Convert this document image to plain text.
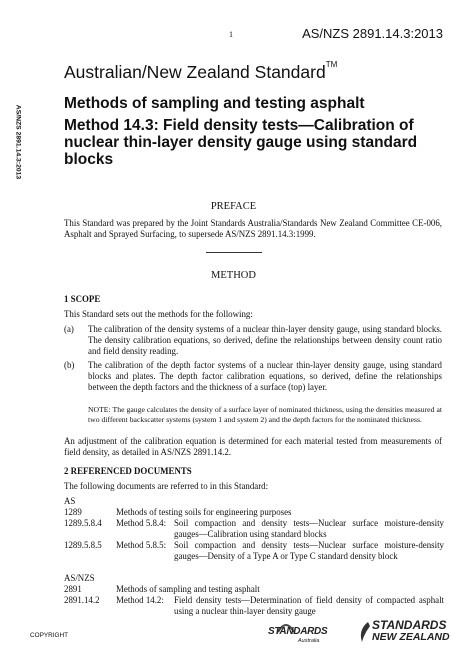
1	AS/NZS 2891.14.3:2013
Australian/New Zealand Standard™
AS/NZS 2891.14.3:2013
Methods of sampling and testing asphalt
Method 14.3: Field density tests—Calibration of nuclear thin-layer density gauge using standard blocks
PREFACE
This Standard was prepared by the Joint Standards Australia/Standards New Zealand Committee CE-006, Asphalt and Sprayed Surfacing, to supersede AS/NZS 2891.14.3:1999.
METHOD
1 SCOPE
This Standard sets out the methods for the following:
(a) The calibration of the density systems of a nuclear thin-layer density gauge, using standard blocks. The density calibration equations, so derived, define the relationships between density count ratio and field density reading.
(b) The calibration of the depth factor systems of a nuclear thin-layer density gauge, using standard blocks and plates. The depth factor calibration equations, so derived, define the relationships between the depth factors and the thickness of a surface (top) layer.
NOTE: The gauge calculates the density of a surface layer of nominated thickness, using the densities measured at two different backscatter systems (system 1 and system 2) and the depth factors for the nominated thickness.
An adjustment of the calibration equation is determined for each material tested from measurements of field density, as detailed in AS/NZS 2891.14.2.
2 REFERENCED DOCUMENTS
The following documents are referred to in this Standard:
AS
1289	Methods of testing soils for engineering purposes
1289.5.8.4 Method 5.8.4: Soil compaction and density tests—Nuclear surface moisture-density gauges—Calibration using standard blocks
1289.5.8.5 Method 5.8.5: Soil compaction and density tests—Nuclear surface moisture-density gauges—Density of a Type A or Type C standard density block
AS/NZS
2891	Methods of sampling and testing asphalt
2891.14.2 Method 14.2: Field density tests—Determination of field density of compacted asphalt using a nuclear thin-layer density gauge
COPYRIGHT	STANDARDS
Australia
STANDARDS
NEW ZEALAND
